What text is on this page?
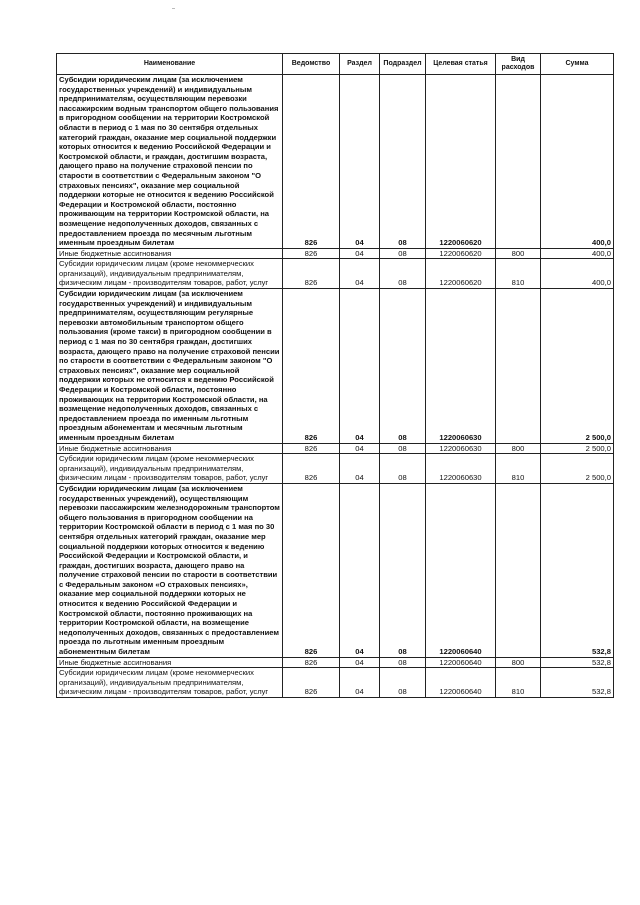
Наименование	Ведомство	Раздел	Подраздел	Целевая статья	Вид расходов	Сумма
Субсидии юридическим лицам (за исключением государственных учреждений) и индивидуальным предпринимателям, осуществляющим перевозки пассажирским водным транспортом общего пользования в пригородном сообщении на территории Костромской области в период с 1 мая по 30 сентября отдельных категорий граждан, оказание мер социальной поддержки которых относится к ведению Российской Федерации и Костромской области, и граждан, достигшим возраста, дающего право на получение страховой пенсии по старости в соответствии с Федеральным законом "О страховых пенсиях", оказание мер социальной поддержки которые не относится к ведению Российской Федерации и Костромской области, постоянно проживающим на территории Костромской области, на возмещение недополученных доходов, связанных с предоставлением проезда по месячным льготным именным проездным билетам	826	04	08	1220060620		400,0
Иные бюджетные ассигнования	826	04	08	1220060620	800	400,0
Субсидии юридическим лицам (кроме некоммерческих организаций), индивидуальным предпринимателям, физическим лицам - производителям товаров, работ, услуг	826	04	08	1220060620	810	400,0
Субсидии юридическим лицам (за исключением государственных учреждений) и индивидуальным предпринимателям, осуществляющим регулярные перевозки автомобильным транспортом общего пользования (кроме такси) в пригородном сообщении в период с 1 мая по 30 сентября граждан, достигших возраста, дающего право на получение страховой пенсии по старости в соответствии с Федеральным законом "О страховых пенсиях", оказание мер социальной поддержки которых не относится к ведению Российской Федерации и Костромской области, постоянно проживающих на территории Костромской области, на возмещение недополученных доходов, связанных с предоставлением проезда по именным льготным проездным абонементам и месячным льготным именным проездным билетам	826	04	08	1220060630		2 500,0
Иные бюджетные ассигнования	826	04	08	1220060630	800	2 500,0
Субсидии юридическим лицам (кроме некоммерческих организаций), индивидуальным предпринимателям, физическим лицам - производителям товаров, работ, услуг	826	04	08	1220060630	810	2 500,0
Субсидии юридическим лицам (за исключением государственных учреждений), осуществляющим перевозки пассажирским железнодорожным транспортом общего пользования в пригородном сообщении на территории Костромской области в период с 1 мая по 30 сентября отдельных категорий граждан, оказание мер социальной поддержки которых относится к ведению Российской Федерации и Костромской области, и граждан, достигших возраста, дающего право на получение страховой пенсии по старости в соответствии с Федеральным законом «О страховых пенсиях», оказание мер социальной поддержки которых не относится к ведению Российской Федерации и Костромской области, постоянно проживающих на территории Костромской области, на возмещение недополученных доходов, связанных с предоставлением проезда по льготным именным проездным абонементным билетам	826	04	08	1220060640		532,8
Иные бюджетные ассигнования	826	04	08	1220060640	800	532,8
Субсидии юридическим лицам (кроме некоммерческих организаций), индивидуальным предпринимателям, физическим лицам - производителям товаров, работ, услуг	826	04	08	1220060640	810	532,8
